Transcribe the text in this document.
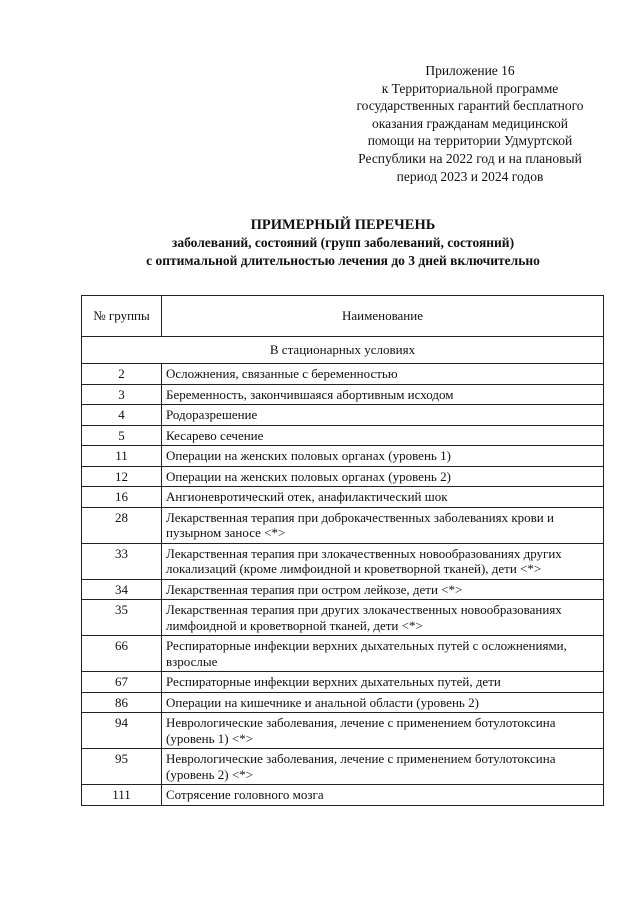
Приложение 16
к Территориальной программе
государственных гарантий бесплатного
оказания гражданам медицинской
помощи на территории Удмуртской
Республики на 2022 год и на плановый
период 2023 и 2024 годов
ПРИМЕРНЫЙ ПЕРЕЧЕНЬ
заболеваний, состояний (групп заболеваний, состояний)
с оптимальной длительностью лечения до 3 дней включительно
№ группы	Наименование
В стационарных условиях	
2	Осложнения, связанные с беременностью
3	Беременность, закончившаяся абортивным исходом
4	Родоразрешение
5	Кесарево сечение
11	Операции на женских половых органах (уровень 1)
12	Операции на женских половых органах (уровень 2)
16	Ангионевротический отек, анафилактический шок
28	Лекарственная терапия при доброкачественных заболеваниях крови и пузырном заносе <*>
33	Лекарственная терапия при злокачественных новообразованиях других локализаций (кроме лимфоидной и кроветворной тканей), дети <*>
34	Лекарственная терапия при остром лейкозе, дети <*>
35	Лекарственная терапия при других злокачественных новообразованиях лимфоидной и кроветворной тканей, дети <*>
66	Респираторные инфекции верхних дыхательных путей с осложнениями, взрослые
67	Респираторные инфекции верхних дыхательных путей, дети
86	Операции на кишечнике и анальной области (уровень 2)
94	Неврологические заболевания, лечение с применением ботулотоксина (уровень 1) <*>
95	Неврологические заболевания, лечение с применением ботулотоксина (уровень 2) <*>
111	Сотрясение головного мозга
